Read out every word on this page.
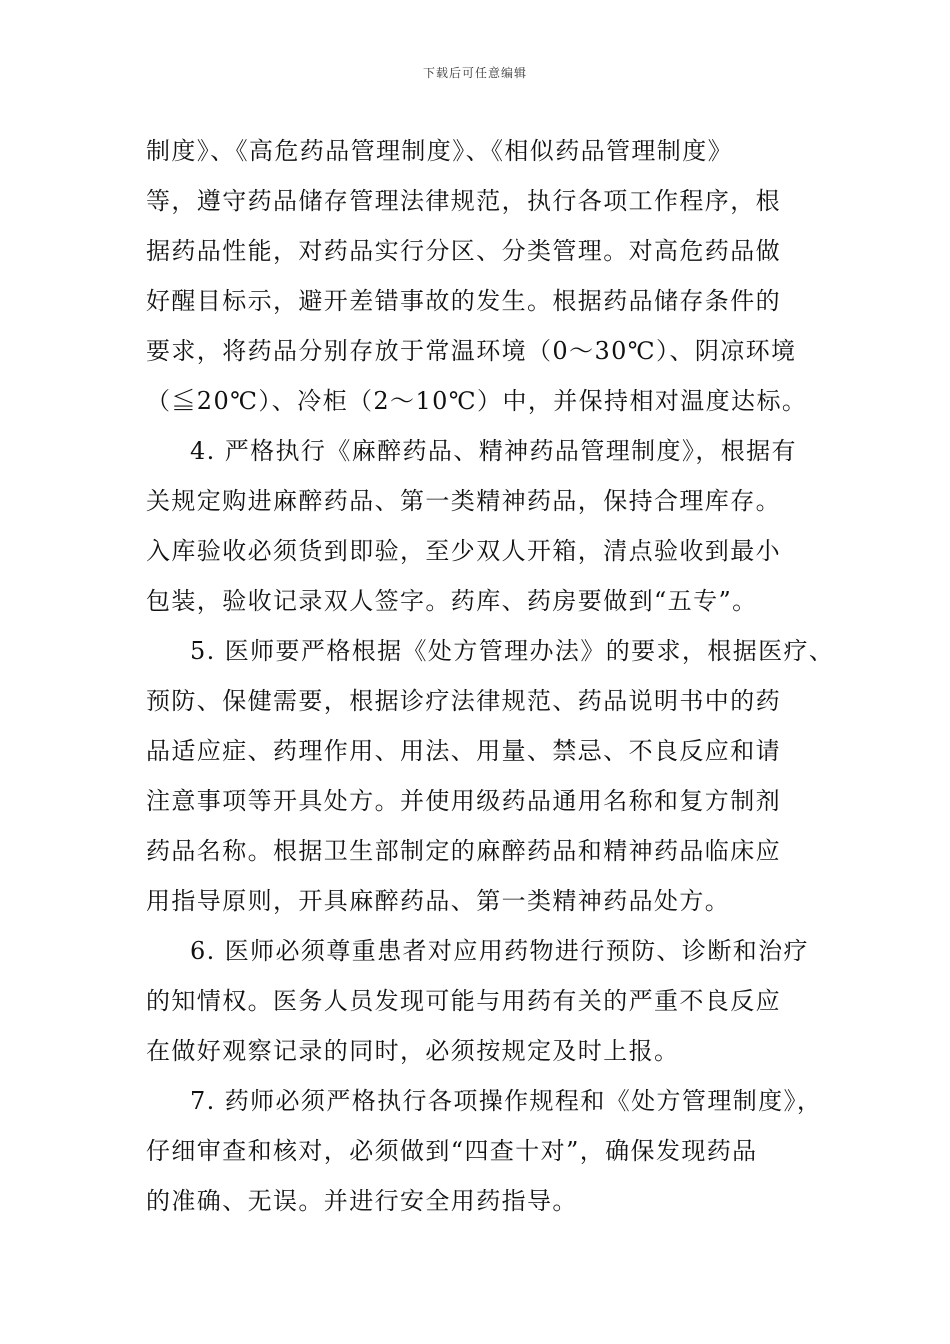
下载后可任意编辑
制度》、《高危药品管理制度》、《相似药品管理制度》
等，遵守药品储存管理法律规范，执行各项工作程序，根
据药品性能，对药品实行分区、分类管理。对高危药品做
好醒目标示，避开差错事故的发生。根据药品储存条件的
要求，将药品分别存放于常温环境（0～30℃）、阴凉环境
（≦20℃）、冷柜（2～10℃）中，并保持相对温度达标。
4. 严格执行《麻醉药品、精神药品管理制度》，根据有
关规定购进麻醉药品、第一类精神药品，保持合理库存。
入库验收必须货到即验，至少双人开箱，清点验收到最小
包装，验收记录双人签字。药库、药房要做到“五专”。
5. 医师要严格根据《处方管理办法》的要求，根据医疗、
预防、保健需要，根据诊疗法律规范、药品说明书中的药
品适应症、药理作用、用法、用量、禁忌、不良反应和请
注意事项等开具处方。并使用级药品通用名称和复方制剂
药品名称。根据卫生部制定的麻醉药品和精神药品临床应
用指导原则，开具麻醉药品、第一类精神药品处方。
6. 医师必须尊重患者对应用药物进行预防、诊断和治疗
的知情权。医务人员发现可能与用药有关的严重不良反应
在做好观察记录的同时，必须按规定及时上报。
7. 药师必须严格执行各项操作规程和《处方管理制度》，
仔细审查和核对，必须做到“四查十对”，确保发现药品
的准确、无误。并进行安全用药指导。
